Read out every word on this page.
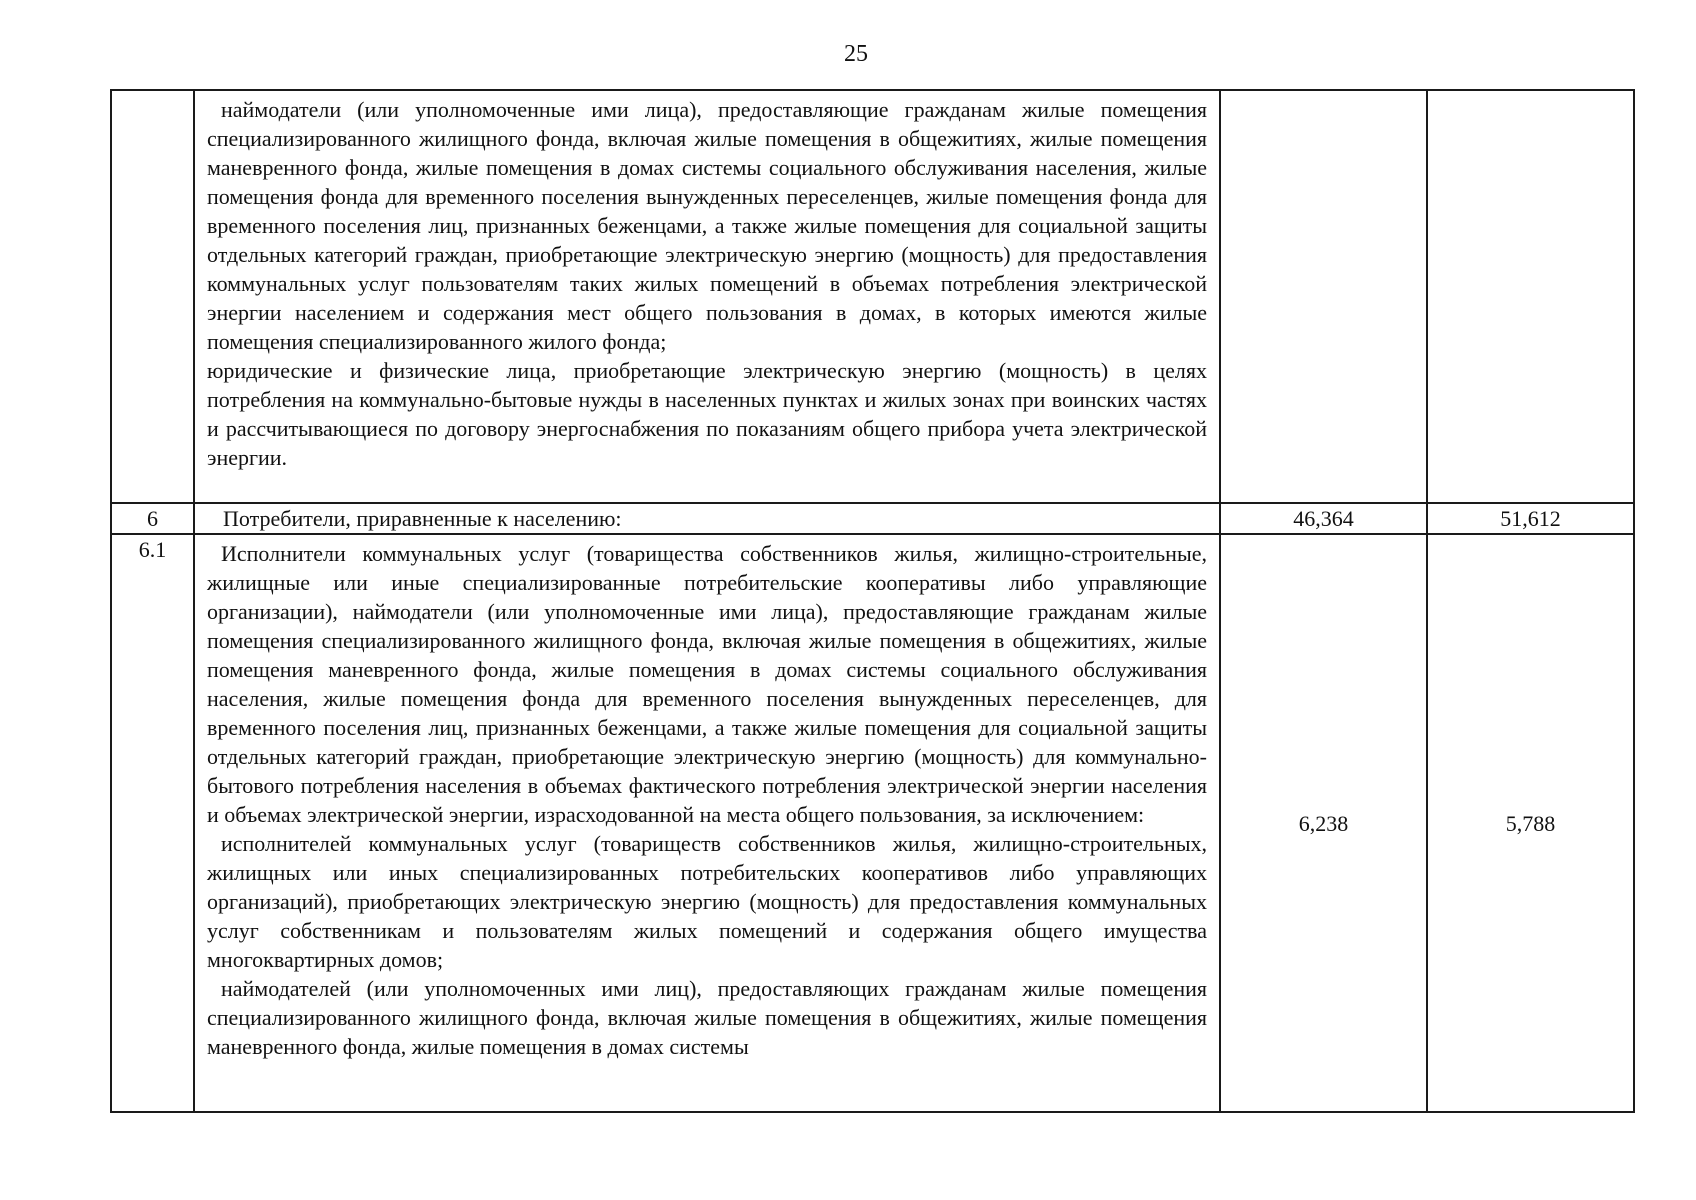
25

	наймодатели (или уполномоченные ими лица), предоставляющие гражданам жилые помещения специализированного жилищного фонда, включая жилые помещения в общежитиях, жилые помещения маневренного фонда, жилые помещения в домах системы социального обслуживания населения, жилые помещения фонда для временного поселения вынужденных переселенцев, жилые помещения фонда для временного поселения лиц, признанных беженцами, а также жилые помещения для социальной защиты отдельных категорий граждан, приобретающие электрическую энергию (мощность) для предоставления коммунальных услуг пользователям таких жилых помещений в объемах потребления электрической энергии населением и содержания мест общего пользования в домах, в которых имеются жилые помещения специализированного жилого фонда;

юридические и физические лица, приобретающие электрическую энергию (мощность) в целях потребления на коммунально-бытовые нужды в населенных пунктах и жилых зонах при воинских частях и рассчитывающиеся по договору энергоснабжения по показаниям общего прибора учета электрической энергии.		

6	Потребители, приравненные к населению:	46,364	51,612
6.1	Исполнители коммунальных услуг (товарищества собственников жилья, жилищно-строительные, жилищные или иные специализированные потребительские кооперативы либо управляющие организации), наймодатели (или уполномоченные ими лица), предоставляющие гражданам жилые помещения специализированного жилищного фонда, включая жилые помещения в общежитиях, жилые помещения маневренного фонда, жилые помещения в домах системы социального обслуживания населения, жилые помещения фонда для временного поселения вынужденных переселенцев, для временного поселения лиц, признанных беженцами, а также жилые помещения для социальной защиты отдельных категорий граждан, приобретающие электрическую энергию (мощность) для коммунально-бытового потребления населения в объемах фактического потребления электрической энергии населения и объемах электрической энергии, израсходованной на места общего пользования, за исключением:

исполнителей коммунальных услуг (товариществ собственников жилья, жилищно-строительных, жилищных или иных специализированных потребительских кооперативов либо управляющих организаций), приобретающих электрическую энергию (мощность) для предоставления коммунальных услуг собственникам и пользователям жилых помещений и содержания общего имущества многоквартирных домов;

наймодателей (или уполномоченных ими лиц), предоставляющих гражданам жилые помещения специализированного жилищного фонда, включая жилые помещения в общежитиях, жилые помещения маневренного фонда, жилые помещения в домах системы	6,238	5,788
